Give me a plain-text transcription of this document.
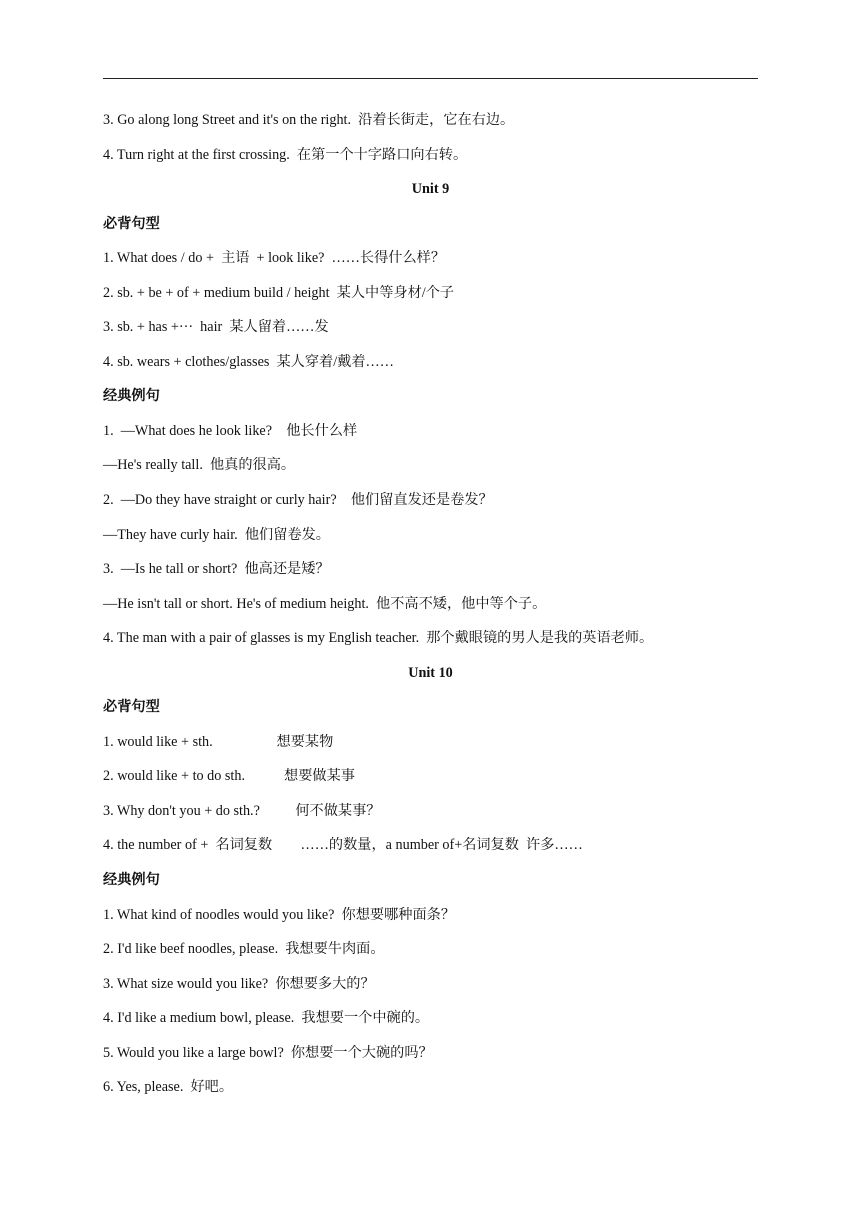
3. Go along long Street and it's on the right.  沿着长街走，它在右边。
4. Turn right at the first crossing.  在第一个十字路口向右转。
Unit 9
必背句型
1. What does / do +  主语  + look like?  ……长得什么样？
2. sb. + be + of + medium build / height  某人中等身材/个子
3. sb. + has +···  hair  某人留着……发
4. sb. wears + clothes/glasses  某人穿着/戴着……
经典例句
1.  —What does he look like?    他长什么样
—He's really tall.  他真的很高。
2.  —Do they have straight or curly hair?    他们留直发还是卷发？
—They have curly hair.  他们留卷发。
3.  —Is he tall or short?  他高还是矮？
—He isn't tall or short. He's of medium height.  他不高不矮，他中等个子。
4. The man with a pair of glasses is my English teacher.  那个戴眼镜的男人是我的英语老师。
Unit 10
必背句型
1. would like + sth.                  想要某物
2. would like + to do sth.           想要做某事
3. Why don't you + do sth.?          何不做某事？
4. the number of +  名词复数        ……的数量，a number of+名词复数  许多……
经典例句
1. What kind of noodles would you like?  你想要哪种面条？
2. I'd like beef noodles, please.  我想要牛肉面。
3. What size would you like?  你想要多大的？
4. I'd like a medium bowl, please.  我想要一个中碗的。
5. Would you like a large bowl?  你想要一个大碗的吗？
6. Yes, please.  好吧。
